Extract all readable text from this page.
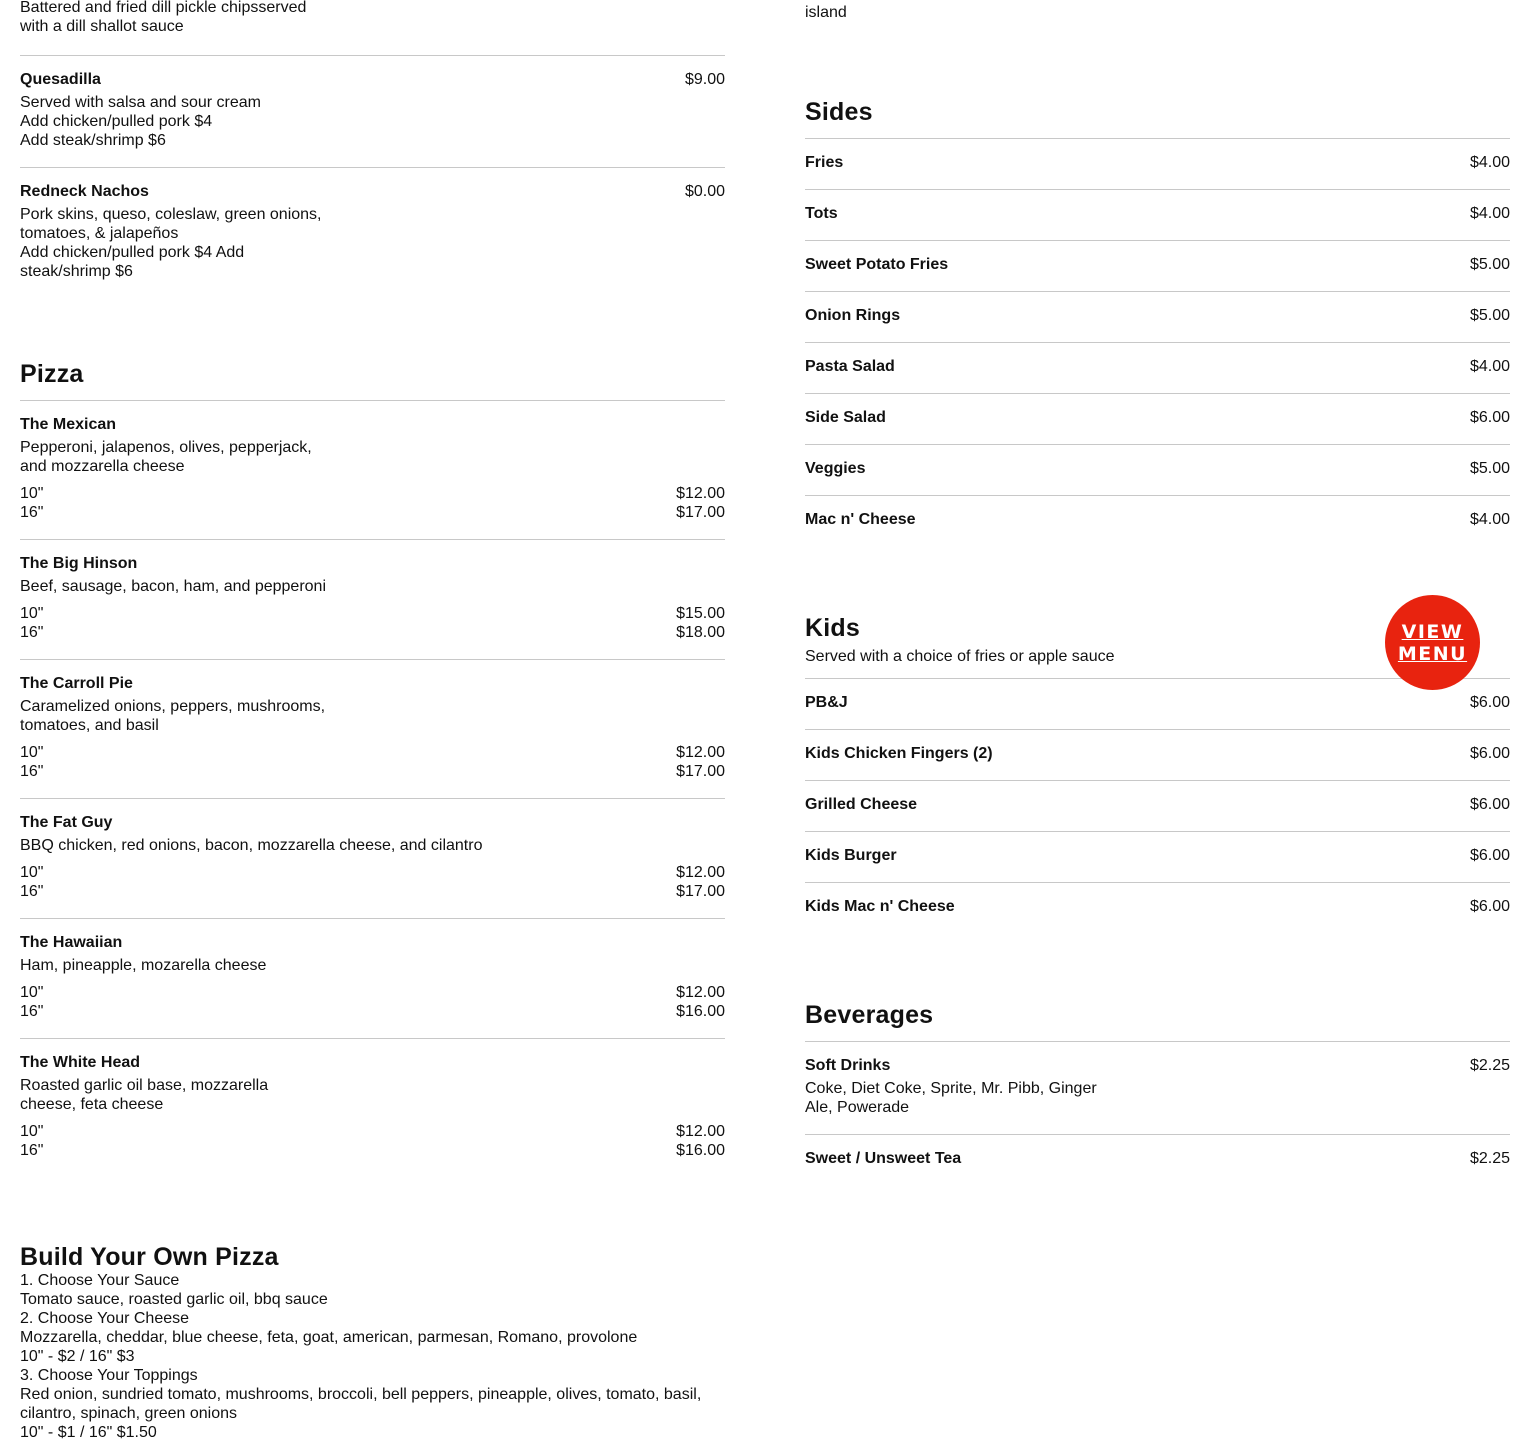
Battered and fried dill pickle chipsserved
with a dill shallot sauce
Quesadilla	$9.00
Served with salsa and sour cream
Add chicken/pulled pork $4
Add steak/shrimp $6
Redneck Nachos	$0.00
Pork skins, queso, coleslaw, green onions,
tomatoes, & jalapeños
Add chicken/pulled pork $4 Add
steak/shrimp $6
Pizza
The Mexican
Pepperoni, jalapenos, olives, pepperjack,
and mozzarella cheese
10"	$12.00
16"	$17.00
The Big Hinson
Beef, sausage, bacon, ham, and pepperoni
10"	$15.00
16"	$18.00
The Carroll Pie
Caramelized onions, peppers, mushrooms,
tomatoes, and basil
10"	$12.00
16"	$17.00
The Fat Guy
BBQ chicken, red onions, bacon, mozzarella cheese, and cilantro
10"	$12.00
16"	$17.00
The Hawaiian
Ham, pineapple, mozarella cheese
10"	$12.00
16"	$16.00
The White Head
Roasted garlic oil base, mozzarella
cheese, feta cheese
10"	$12.00
16"	$16.00
Build Your Own Pizza
1. Choose Your Sauce
Tomato sauce, roasted garlic oil, bbq sauce
2. Choose Your Cheese
Mozzarella, cheddar, blue cheese, feta, goat, american, parmesan, Romano, provolone
10" - $2 / 16" $3
3. Choose Your Toppings
Red onion, sundried tomato, mushrooms, broccoli, bell peppers, pineapple, olives, tomato, basil,
cilantro, spinach, green onions
10" - $1 / 16" $1.50
island
Sides
Fries	$4.00
Tots	$4.00
Sweet Potato Fries	$5.00
Onion Rings	$5.00
Pasta Salad	$4.00
Side Salad	$6.00
Veggies	$5.00
Mac n' Cheese	$4.00
Kids
Served with a choice of fries or apple sauce
PB&J	$6.00
Kids Chicken Fingers (2)	$6.00
Grilled Cheese	$6.00
Kids Burger	$6.00
Kids Mac n' Cheese	$6.00
Beverages
Soft Drinks	$2.25
Coke, Diet Coke, Sprite, Mr. Pibb, Ginger
Ale, Powerade
Sweet / Unsweet Tea	$2.25
VIEW
MENU
